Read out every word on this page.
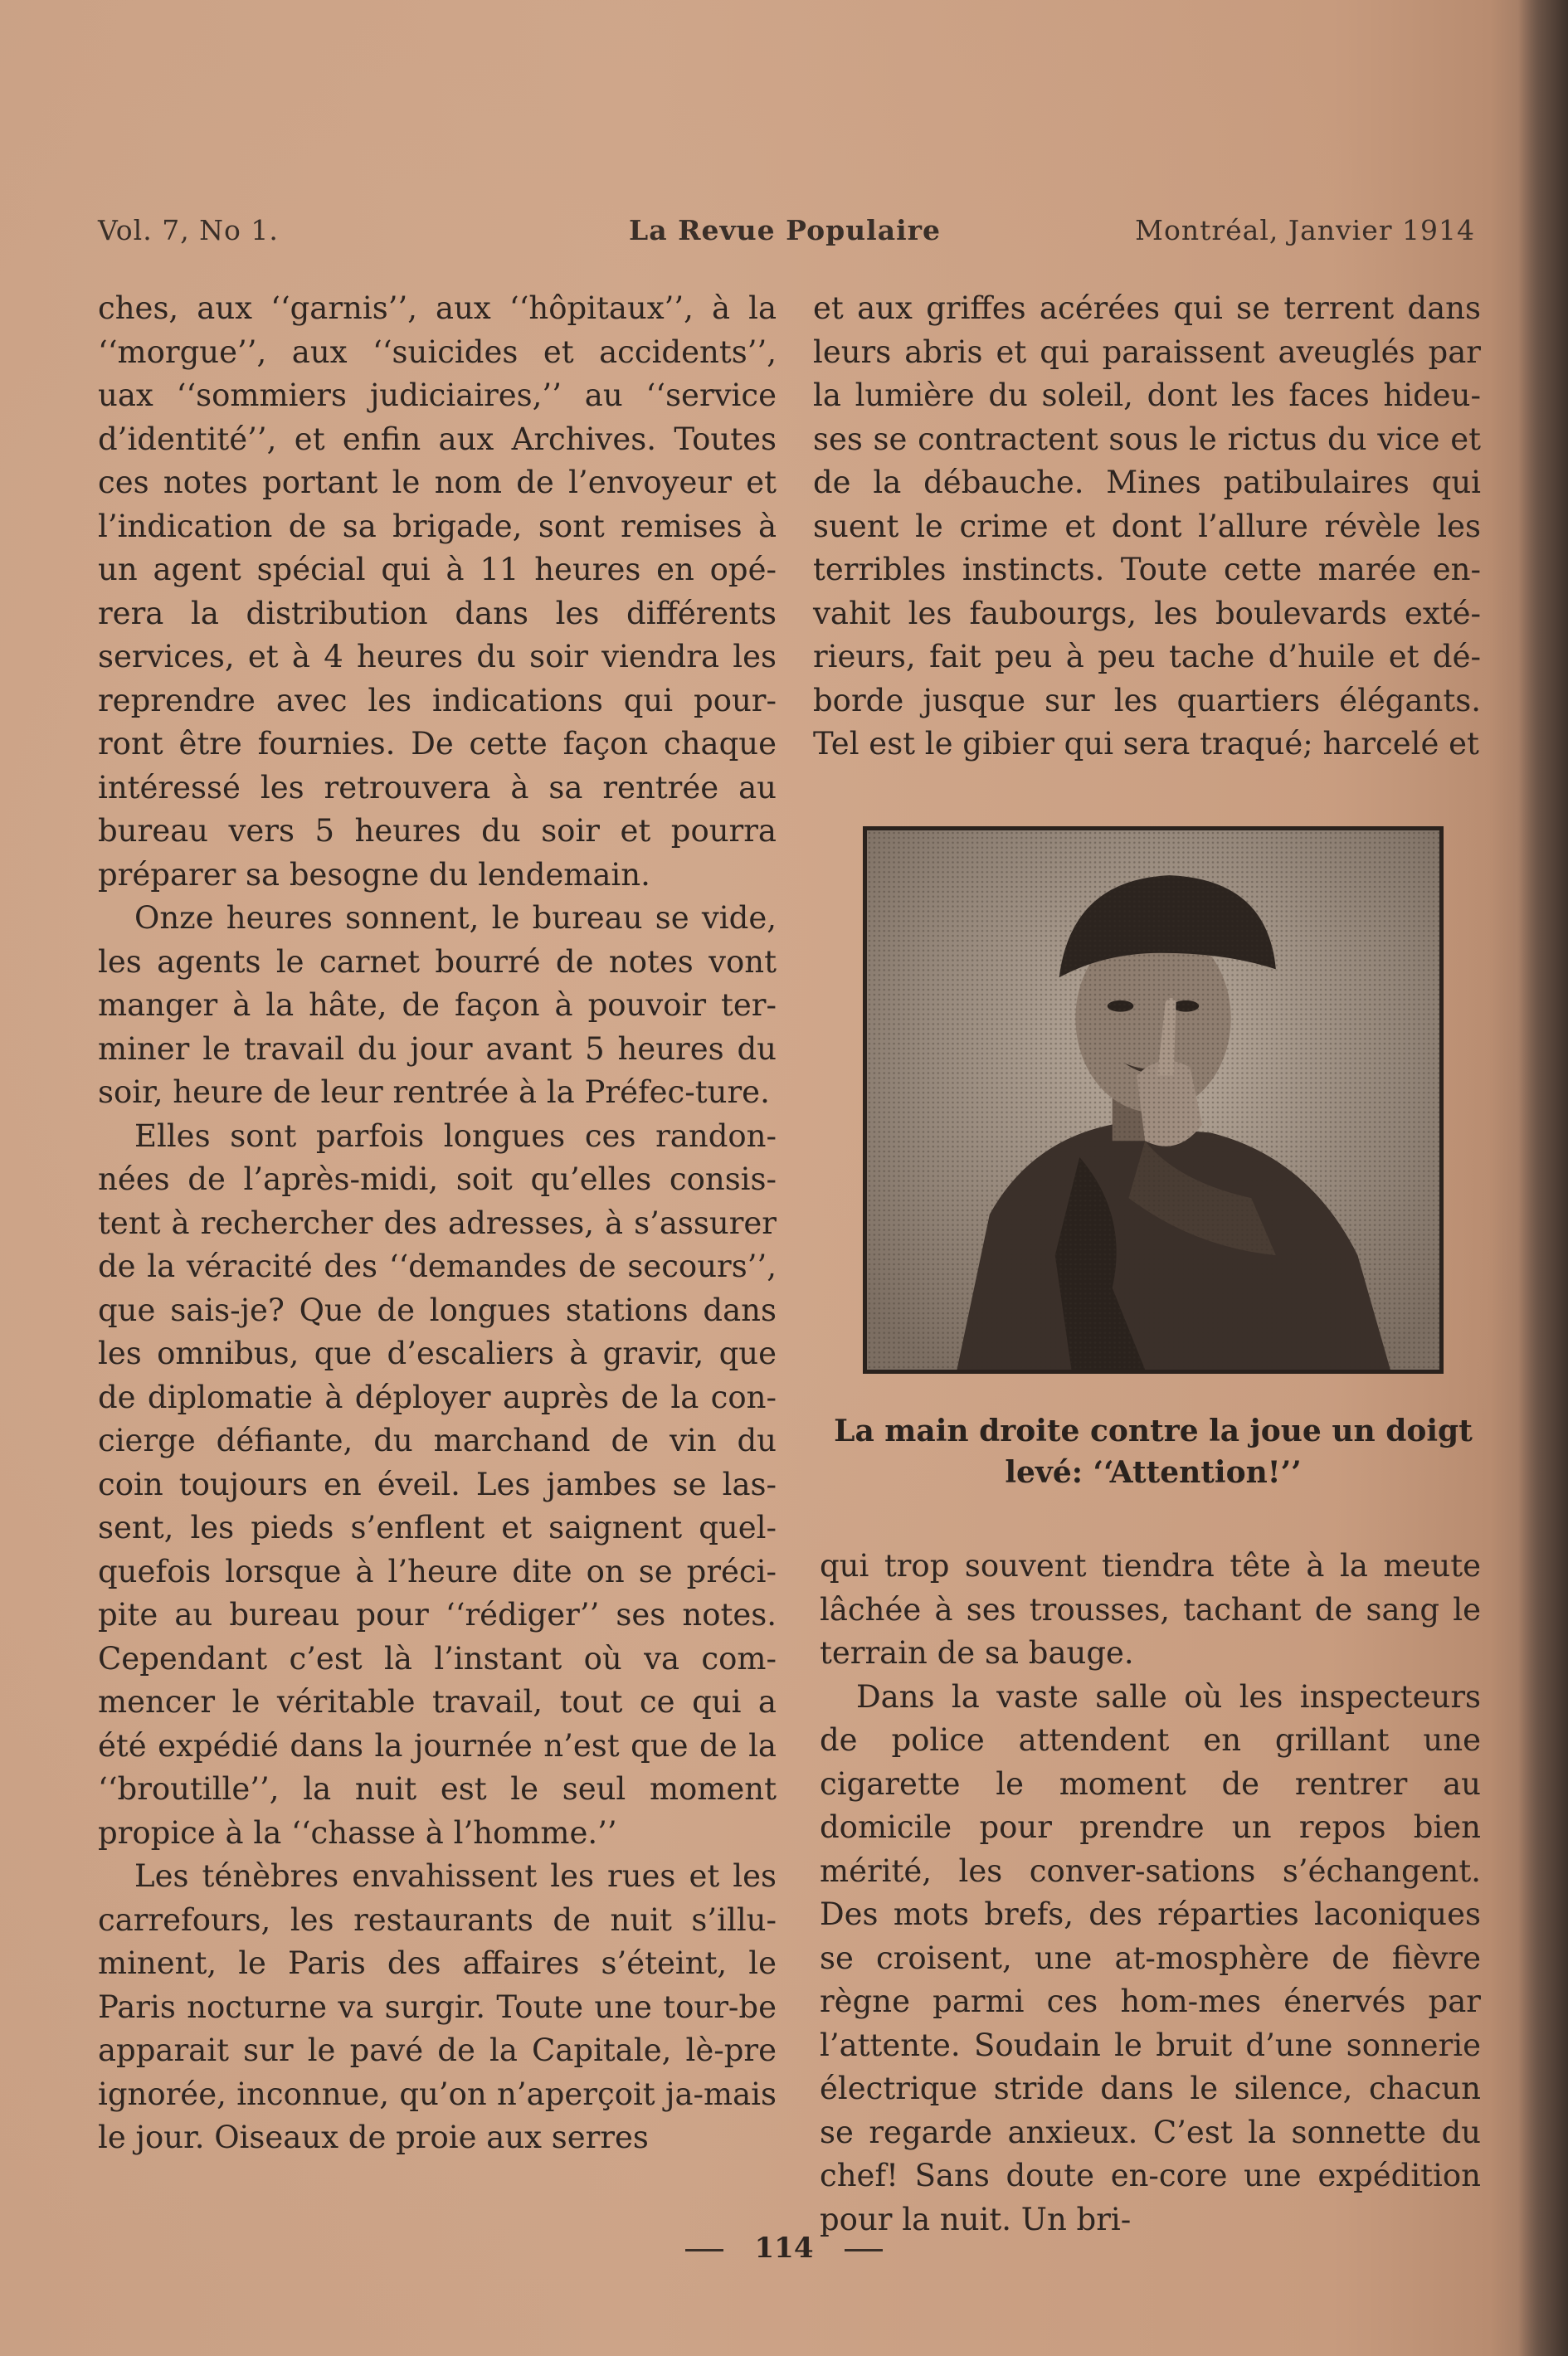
Vol. 7, No 1.	La Revue Populaire	Montréal, Janvier 1914

ches, aux ‘‘garnis’’, aux ‘‘hôpitaux’’, à la ‘‘morgue’’, aux ‘‘suicides et accidents’’, uax ‘‘sommiers judiciaires,’’ au ‘‘service d’identité’’, et enfin aux Archives. Toutes ces notes portant le nom de l’envoyeur et l’indication de sa brigade, sont remises à un agent spécial qui à 11 heures en opé-rera la distribution dans les différents services, et à 4 heures du soir viendra les reprendre avec les indications qui pour-ront être fournies. De cette façon chaque intéressé les retrouvera à sa rentrée au bureau vers 5 heures du soir et pourra préparer sa besogne du lendemain.

Onze heures sonnent, le bureau se vide, les agents le carnet bourré de notes vont manger à la hâte, de façon à pouvoir ter-miner le travail du jour avant 5 heures du soir, heure de leur rentrée à la Préfec-ture.

Elles sont parfois longues ces randon-nées de l’après-midi, soit qu’elles consis-tent à rechercher des adresses, à s’assurer de la véracité des ‘‘demandes de secours’’, que sais-je? Que de longues stations dans les omnibus, que d’escaliers à gravir, que de diplomatie à déployer auprès de la con-cierge défiante, du marchand de vin du coin toujours en éveil. Les jambes se las-sent, les pieds s’enflent et saignent quel-quefois lorsque à l’heure dite on se préci-pite au bureau pour ‘‘rédiger’’ ses notes. Cependant c’est là l’instant où va com-mencer le véritable travail, tout ce qui a été expédié dans la journée n’est que de la ‘‘broutille’’, la nuit est le seul moment propice à la ‘‘chasse à l’homme.’’

Les ténèbres envahissent les rues et les carrefours, les restaurants de nuit s’illu-minent, le Paris des affaires s’éteint, le Paris nocturne va surgir. Toute une tour-be apparait sur le pavé de la Capitale, lè-pre ignorée, inconnue, qu’on n’aperçoit ja-mais le jour. Oiseaux de proie aux serres

et aux griffes acérées qui se terrent dans leurs abris et qui paraissent aveuglés par la lumière du soleil, dont les faces hideu-ses se contractent sous le rictus du vice et de la débauche. Mines patibulaires qui suent le crime et dont l’allure révèle les terribles instincts. Toute cette marée en-vahit les faubourgs, les boulevards exté-rieurs, fait peu à peu tache d’huile et dé-borde jusque sur les quartiers élégants. Tel est le gibier qui sera traqué; harcelé et

La main droite contre la joue un doigt levé: ‘‘Attention!’’

qui trop souvent tiendra tête à la meute lâchée à ses trousses, tachant de sang le terrain de sa bauge.

Dans la vaste salle où les inspecteurs de police attendent en grillant une cigarette le moment de rentrer au domicile pour prendre un repos bien mérité, les conver-sations s’échangent. Des mots brefs, des réparties laconiques se croisent, une at-mosphère de fièvre règne parmi ces hom-mes énervés par l’attente. Soudain le bruit d’une sonnerie électrique stride dans le silence, chacun se regarde anxieux. C’est la sonnette du chef! Sans doute en-core une expédition pour la nuit. Un bri-

114
